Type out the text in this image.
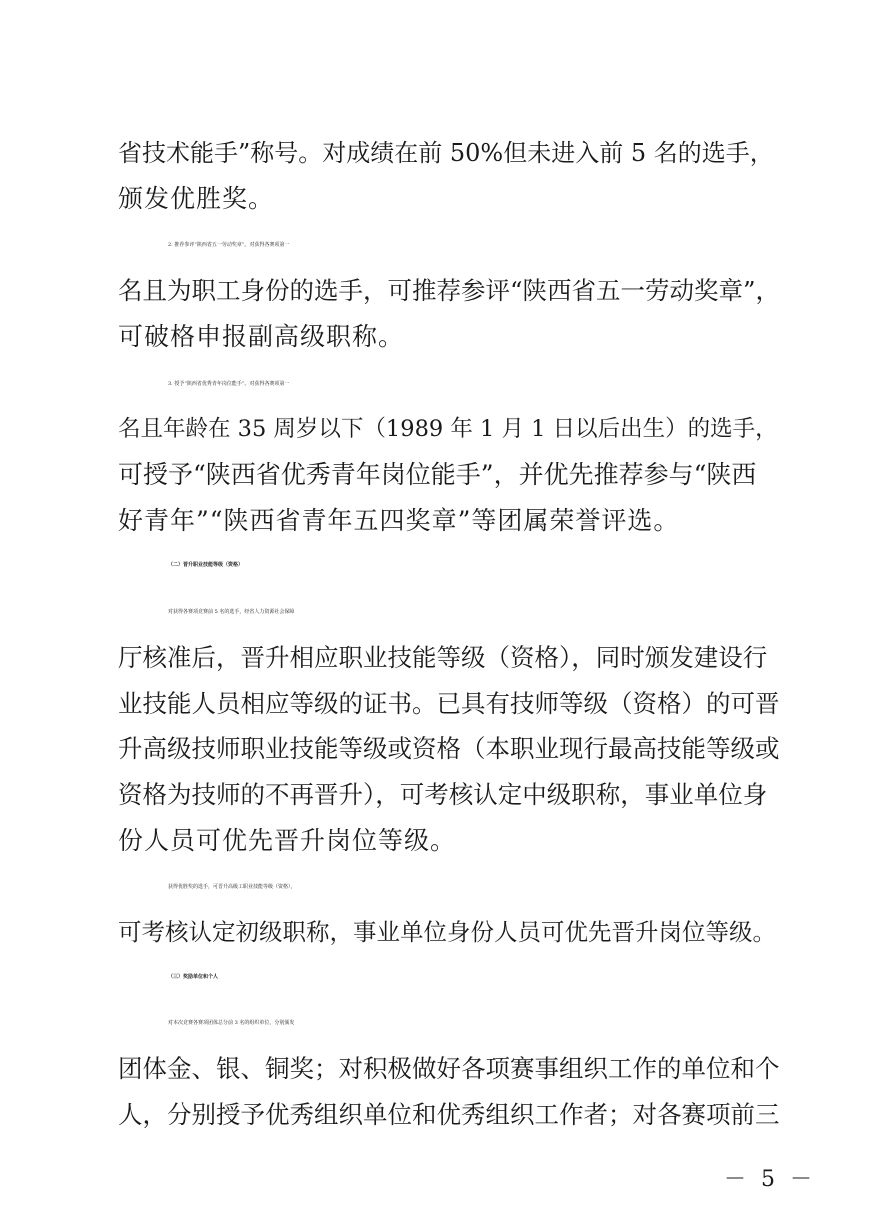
省技术能手”称号。对成绩在前 50%但未进入前 5 名的选手，
颁发优胜奖。
2. 推荐参评“陕西省五一劳动奖章”。对获得各赛项第一
名且为职工身份的选手，可推荐参评“陕西省五一劳动奖章”，
可破格申报副高级职称。
3. 授予“陕西省优秀青年岗位能手”。对获得各赛项第一
名且年龄在 35 周岁以下（1989 年 1 月 1 日以后出生）的选手，
可授予“陕西省优秀青年岗位能手”，并优先推荐参与“陕西
好青年”“陕西省青年五四奖章”等团属荣誉评选。
（二）晋升职业技能等级（资格）
对获得各赛项竞赛前 5 名的选手，经省人力资源社会保障
厅核准后，晋升相应职业技能等级（资格），同时颁发建设行
业技能人员相应等级的证书。已具有技师等级（资格）的可晋
升高级技师职业技能等级或资格（本职业现行最高技能等级或
资格为技师的不再晋升），可考核认定中级职称，事业单位身
份人员可优先晋升岗位等级。
获得优胜奖的选手，可晋升高级工职业技能等级（资格），
可考核认定初级职称，事业单位身份人员可优先晋升岗位等级。
（三）奖励单位和个人
对本次竞赛各赛项团体总分前 3 名的组织单位，分别颁发
团体金、银、铜奖；对积极做好各项赛事组织工作的单位和个
人，分别授予优秀组织单位和优秀组织工作者；对各赛项前三
－ 5 －
